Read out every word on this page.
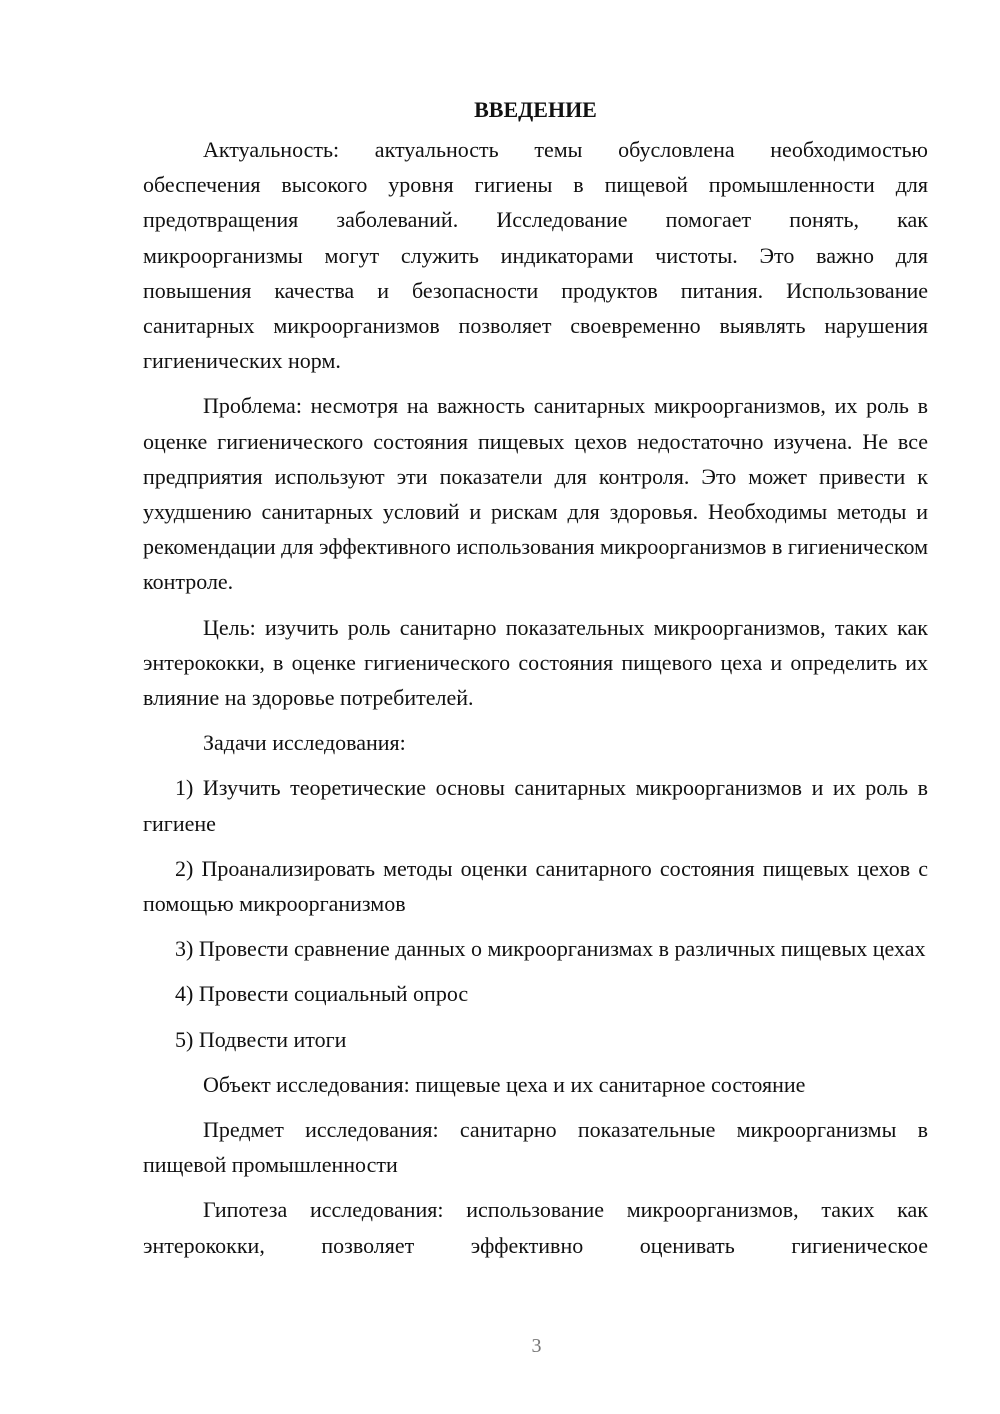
ВВЕДЕНИЕ

Актуальность: актуальность темы обусловлена необходимостью обеспечения высокого уровня гигиены в пищевой промышленности для предотвращения заболеваний. Исследование помогает понять, как микроорганизмы могут служить индикаторами чистоты. Это важно для повышения качества и безопасности продуктов питания. Использование санитарных микроорганизмов позволяет своевременно выявлять нарушения гигиенических норм.

Проблема: несмотря на важность санитарных микроорганизмов, их роль в оценке гигиенического состояния пищевых цехов недостаточно изучена. Не все предприятия используют эти показатели для контроля. Это может привести к ухудшению санитарных условий и рискам для здоровья. Необходимы методы и рекомендации для эффективного использования микроорганизмов в гигиеническом контроле.

Цель: изучить роль санитарно показательных микроорганизмов, таких как энтерококки, в оценке гигиенического состояния пищевого цеха и определить их влияние на здоровье потребителей.

Задачи исследования:

1) Изучить теоретические основы санитарных микроорганизмов и их роль в гигиене

2) Проанализировать методы оценки санитарного состояния пищевых цехов с помощью микроорганизмов

3) Провести сравнение данных о микроорганизмах в различных пищевых цехах

4) Провести социальный опрос

5) Подвести итоги

Объект исследования: пищевые цеха и их санитарное состояние

Предмет исследования: санитарно показательные микроорганизмы в пищевой промышленности

Гипотеза исследования: использование микроорганизмов, таких как энтерококки, позволяет эффективно оценивать гигиеническое

3
